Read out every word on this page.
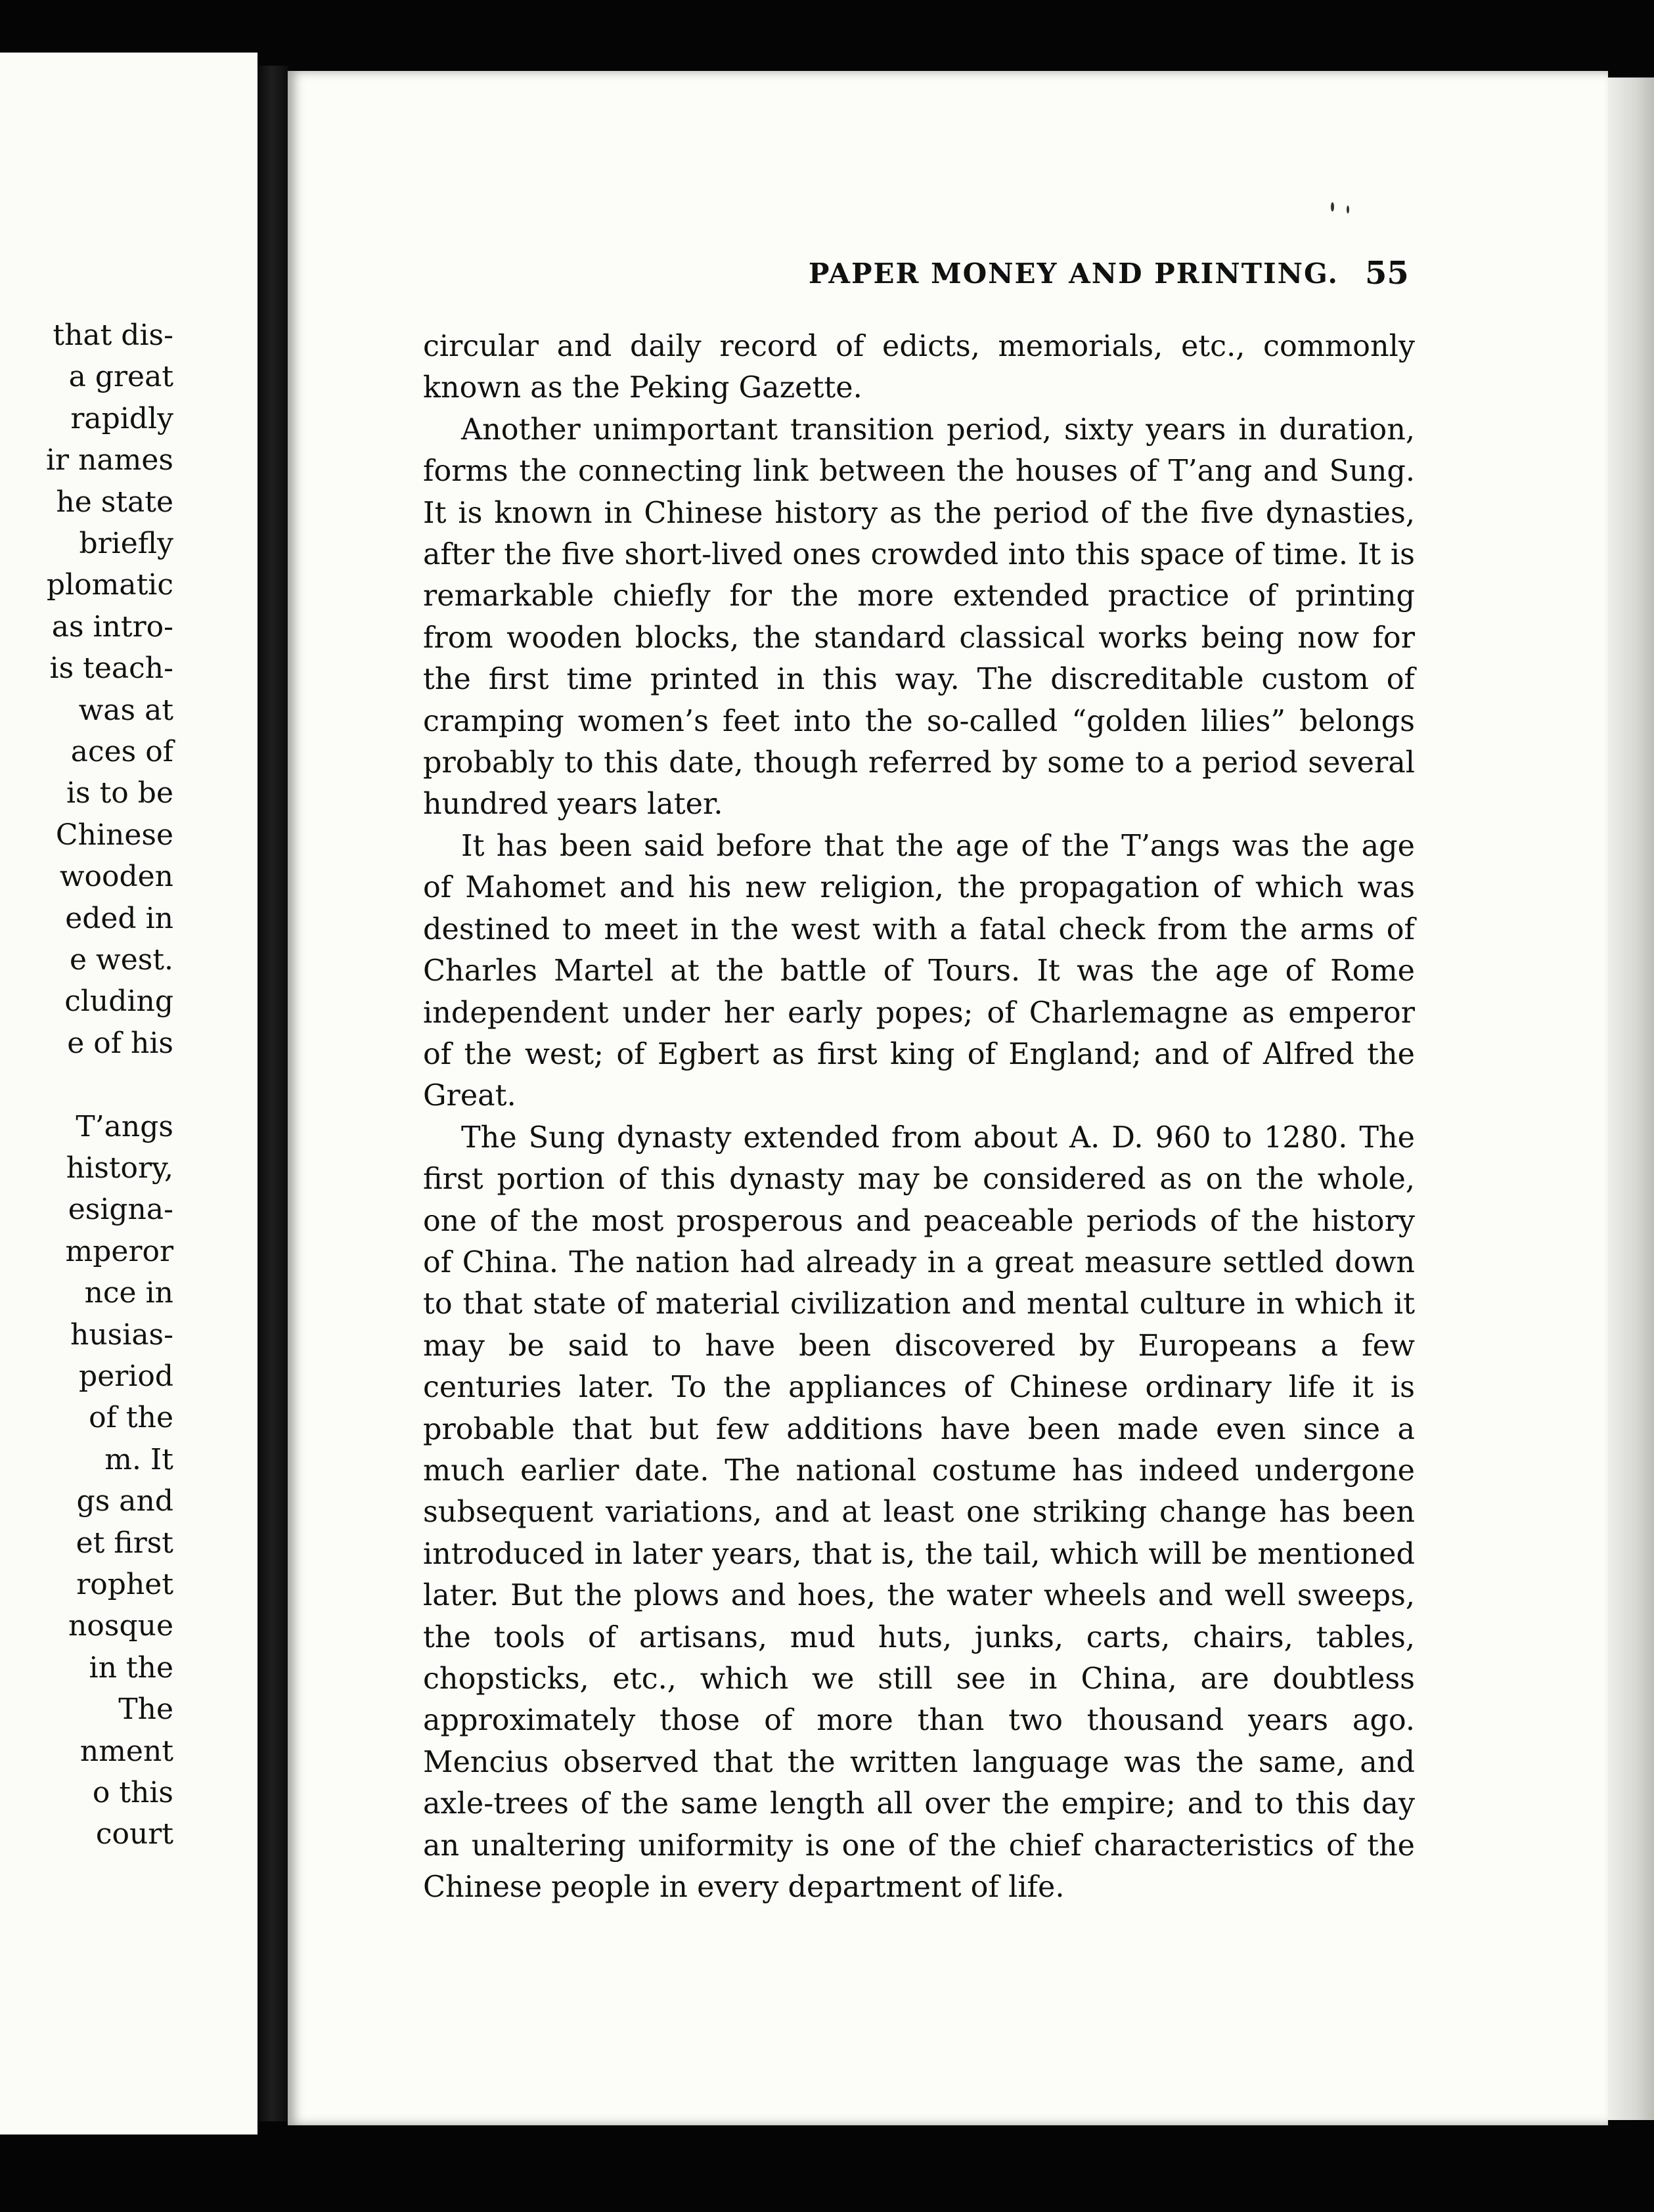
that dis-
a great
rapidly
ir names
he state
briefly
plomatic
as intro-
is teach-
was at
aces of
is to be
Chinese
wooden
eded in
e west.
cluding
e of his
T’angs
history,
esigna-
mperor
nce in
husias-
period
of the
m. It
gs and
et first
rophet
nosque
in the
The
nment
o this
court
PAPER MONEY AND PRINTING. 55

circular and daily record of edicts, memorials, etc., commonly known as the Peking Gazette.

Another unimportant transition period, sixty years in duration, forms the connecting link between the houses of T’ang and Sung. It is known in Chinese history as the period of the five dynasties, after the five short-lived ones crowded into this space of time. It is remarkable chiefly for the more extended practice of printing from wooden blocks, the standard classical works being now for the first time printed in this way. The discreditable custom of cramping women’s feet into the so-called “golden lilies” belongs probably to this date, though referred by some to a period several hundred years later.

It has been said before that the age of the T’angs was the age of Mahomet and his new religion, the propagation of which was destined to meet in the west with a fatal check from the arms of Charles Martel at the battle of Tours. It was the age of Rome independent under her early popes; of Charlemagne as emperor of the west; of Egbert as first king of England; and of Alfred the Great.

The Sung dynasty extended from about A. D. 960 to 1280. The first portion of this dynasty may be considered as on the whole, one of the most prosperous and peaceable periods of the history of China. The nation had already in a great measure settled down to that state of material civilization and mental culture in which it may be said to have been discovered by Europeans a few centuries later. To the appliances of Chinese ordinary life it is probable that but few additions have been made even since a much earlier date. The national costume has indeed undergone subsequent variations, and at least one striking change has been introduced in later years, that is, the tail, which will be mentioned later. But the plows and hoes, the water wheels and well sweeps, the tools of artisans, mud huts, junks, carts, chairs, tables, chopsticks, etc., which we still see in China, are doubtless approximately those of more than two thousand years ago. Mencius observed that the written language was the same, and axle-trees of the same length all over the empire; and to this day an unaltering uniformity is one of the chief characteristics of the Chinese people in every department of life.
